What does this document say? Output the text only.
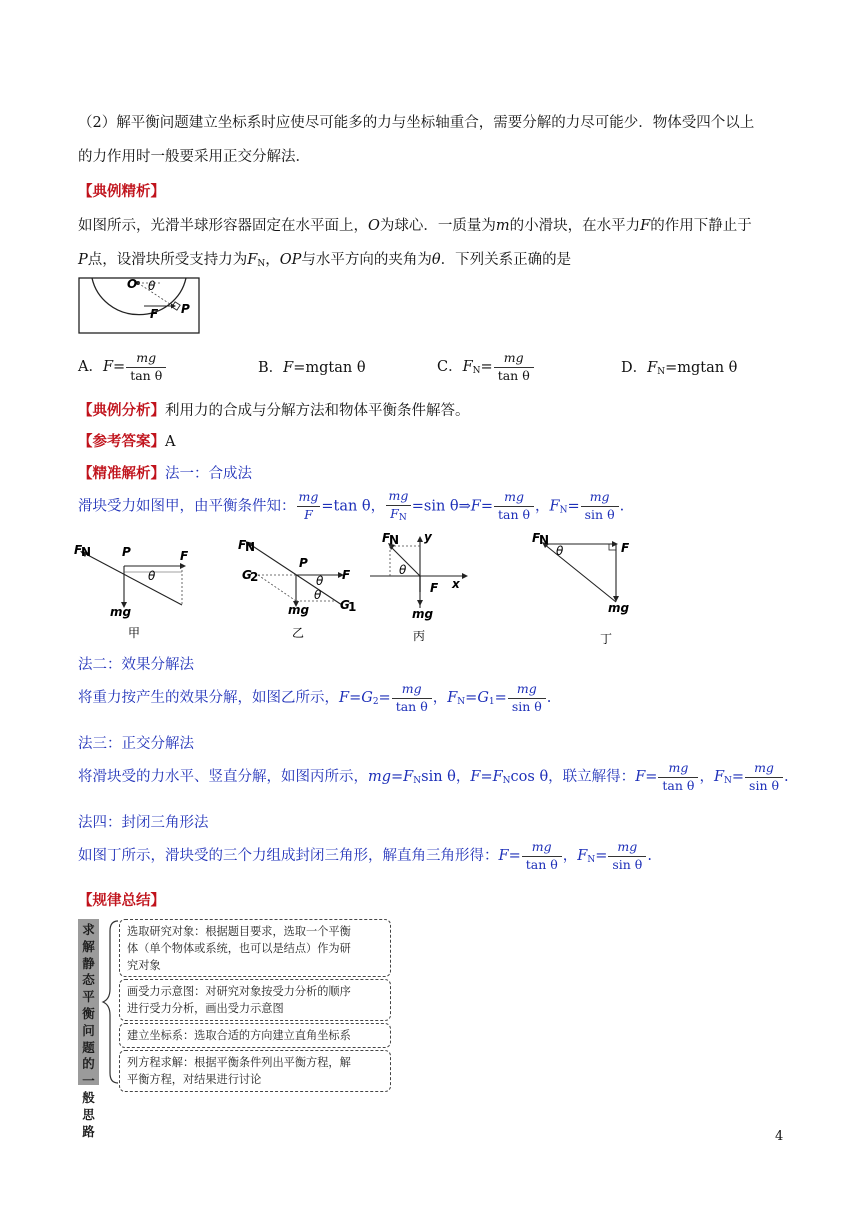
（2）解平衡问题建立坐标系时应使尽可能多的力与坐标轴重合，需要分解的力尽可能少．物体受四个以上
的力作用时一般要采用正交分解法．
【典例精析】
如图所示，光滑半球形容器固定在水平面上，O为球心．一质量为m的小滑块，在水平力F的作用下静止于
P点，设滑块所受支持力为$F_N$，OP与水平方向的夹角为θ．下列关系正确的是
O θ
P
F
A．$F= \frac{mg}{\text{tan θ}}$	B．F=mgtan θ	C．$F_N= \frac{mg}{\text{tan θ}}$	D．$F_N=mgtan$ θ
【典例分析】利用力的合成与分解方法和物体平衡条件解答。
【参考答案】A
【精准解析】法一：合成法
滑块受力如图甲，由平衡条件知： $\frac{mg}{F} =\tan$ θ， $\frac{mg}{F_N} =\sin$ θ⇒F= $\frac{mg}{\text{tan θ}}$ ，$F_N= \frac{mg}{\text{sin θ}}$ .
F
N	P	F
θ
mg
甲
F
N
P
F
G
2
G
1
θ
θ
mg
乙
F
N y
x
θ
F
mg
丙
F
N
θ	F
mg
丁
法二：效果分解法
将重力按产生的效果分解，如图乙所示，$F=G_2= \frac{mg}{\text{tan θ}}$ ，$F_N=G_1= \frac{mg}{\text{sin θ}}$ .
法三：正交分解法
将滑块受的力水平、竖直分解，如图丙所示，$mg=F_N\sin$ θ，$F=F_N\cos$ θ，联立解得：$F= \frac{mg}{\text{tan θ}}$ ，$F_N= \frac{mg}{\text{sin θ}}$ .
法四：封闭三角形法
如图丁所示，滑块受的三个力组成封闭三角形，解直角三角形得：$F= \frac{mg}{\text{tan θ}}$ ，$F_N= \frac{mg}{\text{sin θ}}$ .
【规律总结】
求解静态平衡问题的一般思路
选取研究对象：根据题目要求，选取一个平衡
体（单个物体或系统，也可以是结点）作为研
究对象
画受力示意图：对研究对象按受力分析的顺序
进行受力分析，画出受力示意图
建立坐标系：选取合适的方向建立直角坐标系
列方程求解：根据平衡条件列出平衡方程，解
平衡方程，对结果进行讨论
4
